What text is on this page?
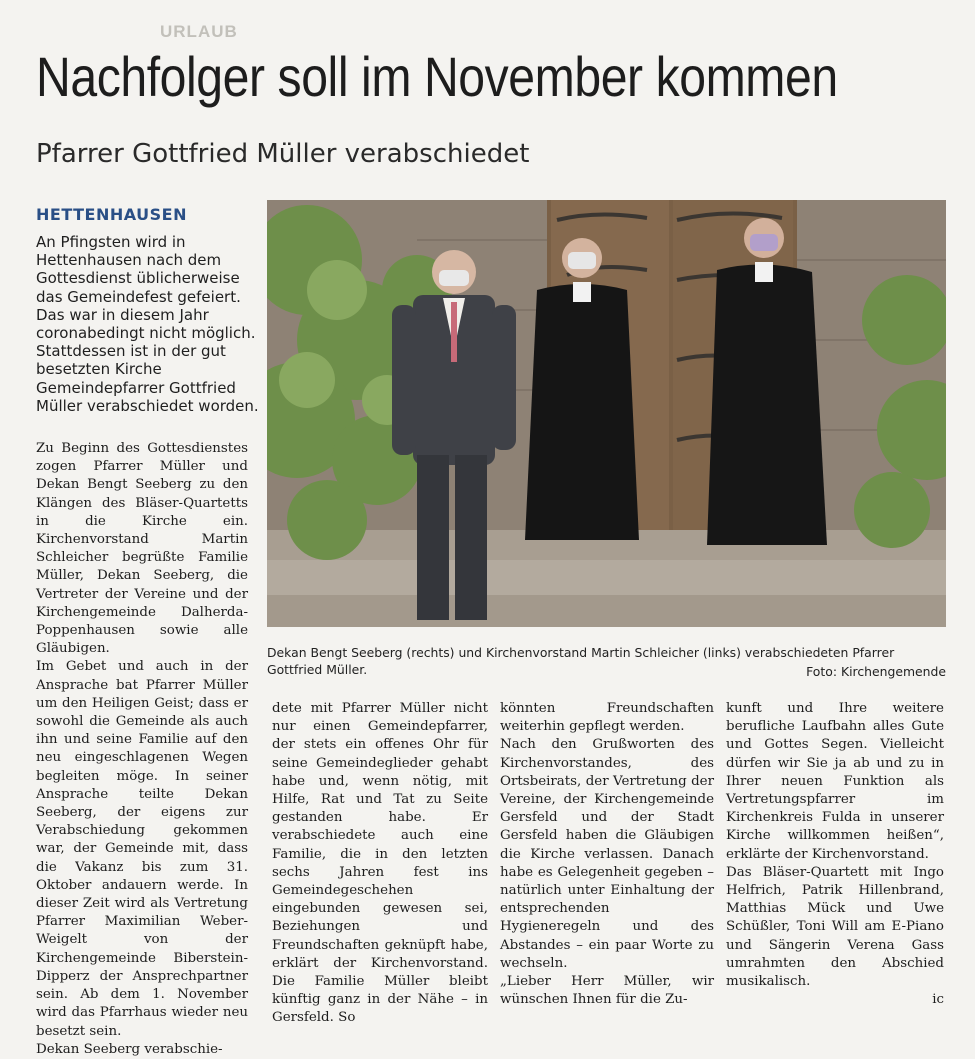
URLAUB
Nachfolger soll im November kommen
Pfarrer Gottfried Müller verabschiedet
HETTENHAUSEN
An Pfingsten wird in Hettenhausen nach dem Gottesdienst üblicherweise das Gemeindefest gefeiert. Das war in diesem Jahr coronabedingt nicht möglich. Stattdessen ist in der gut besetzten Kirche Gemeindepfarrer Gottfried Müller verabschiedet worden.

Zu Beginn des Gottesdienstes zogen Pfarrer Müller und Dekan Bengt Seeberg zu den Klängen des Bläser-Quartetts in die Kirche ein. Kirchenvorstand Martin Schleicher begrüßte Familie Müller, Dekan Seeberg, die Vertreter der Vereine und der Kirchengemeinde Dalherda-Poppenhausen sowie alle Gläubigen.

Im Gebet und auch in der Ansprache bat Pfarrer Müller um den Heiligen Geist; dass er sowohl die Gemeinde als auch ihn und seine Familie auf den neu eingeschlagenen Wegen begleiten möge. In seiner Ansprache teilte Dekan Seeberg, der eigens zur Verabschiedung gekommen war, der Gemeinde mit, dass die Vakanz bis zum 31. Oktober andauern werde. In dieser Zeit wird als Vertretung Pfarrer Maximilian Weber-Weigelt von der Kirchengemeinde Biberstein-Dipperz der Ansprechpartner sein. Ab dem 1. November wird das Pfarrhaus wieder neu besetzt sein.

Dekan Seeberg verabschie-

Dekan Bengt Seeberg (rechts) und Kirchenvorstand Martin Schleicher (links) verabschiedeten Pfarrer Gottfried Müller.	Foto: Kirchengemende

dete mit Pfarrer Müller nicht nur einen Gemeindepfarrer, der stets ein offenes Ohr für seine Gemeindeglieder gehabt habe und, wenn nötig, mit Hilfe, Rat und Tat zu Seite gestanden habe. Er verabschiedete auch eine Familie, die in den letzten sechs Jahren fest ins Gemeindegeschehen eingebunden gewesen sei, Beziehungen und Freundschaften geknüpft habe, erklärt der Kirchenvorstand. Die Familie Müller bleibt künftig ganz in der Nähe – in Gersfeld. So

könnten Freundschaften weiterhin gepflegt werden.

Nach den Grußworten des Kirchenvorstandes, des Ortsbeirats, der Vertretung der Vereine, der Kirchengemeinde Gersfeld und der Stadt Gersfeld haben die Gläubigen die Kirche verlassen. Danach habe es Gelegenheit gegeben – natürlich unter Einhaltung der entsprechenden Hygieneregeln und des Abstandes – ein paar Worte zu wechseln.

„Lieber Herr Müller, wir wünschen Ihnen für die Zu-

kunft und Ihre weitere berufliche Laufbahn alles Gute und Gottes Segen. Vielleicht dürfen wir Sie ja ab und zu in Ihrer neuen Funktion als Vertretungspfarrer im Kirchenkreis Fulda in unserer Kirche willkommen heißen“, erklärte der Kirchenvorstand.

Das Bläser-Quartett mit Ingo Helfrich, Patrik Hillenbrand, Matthias Mück und Uwe Schüßler, Toni Will am E-Piano und Sängerin Verena Gass umrahmten den Abschied musikalisch.

ic
